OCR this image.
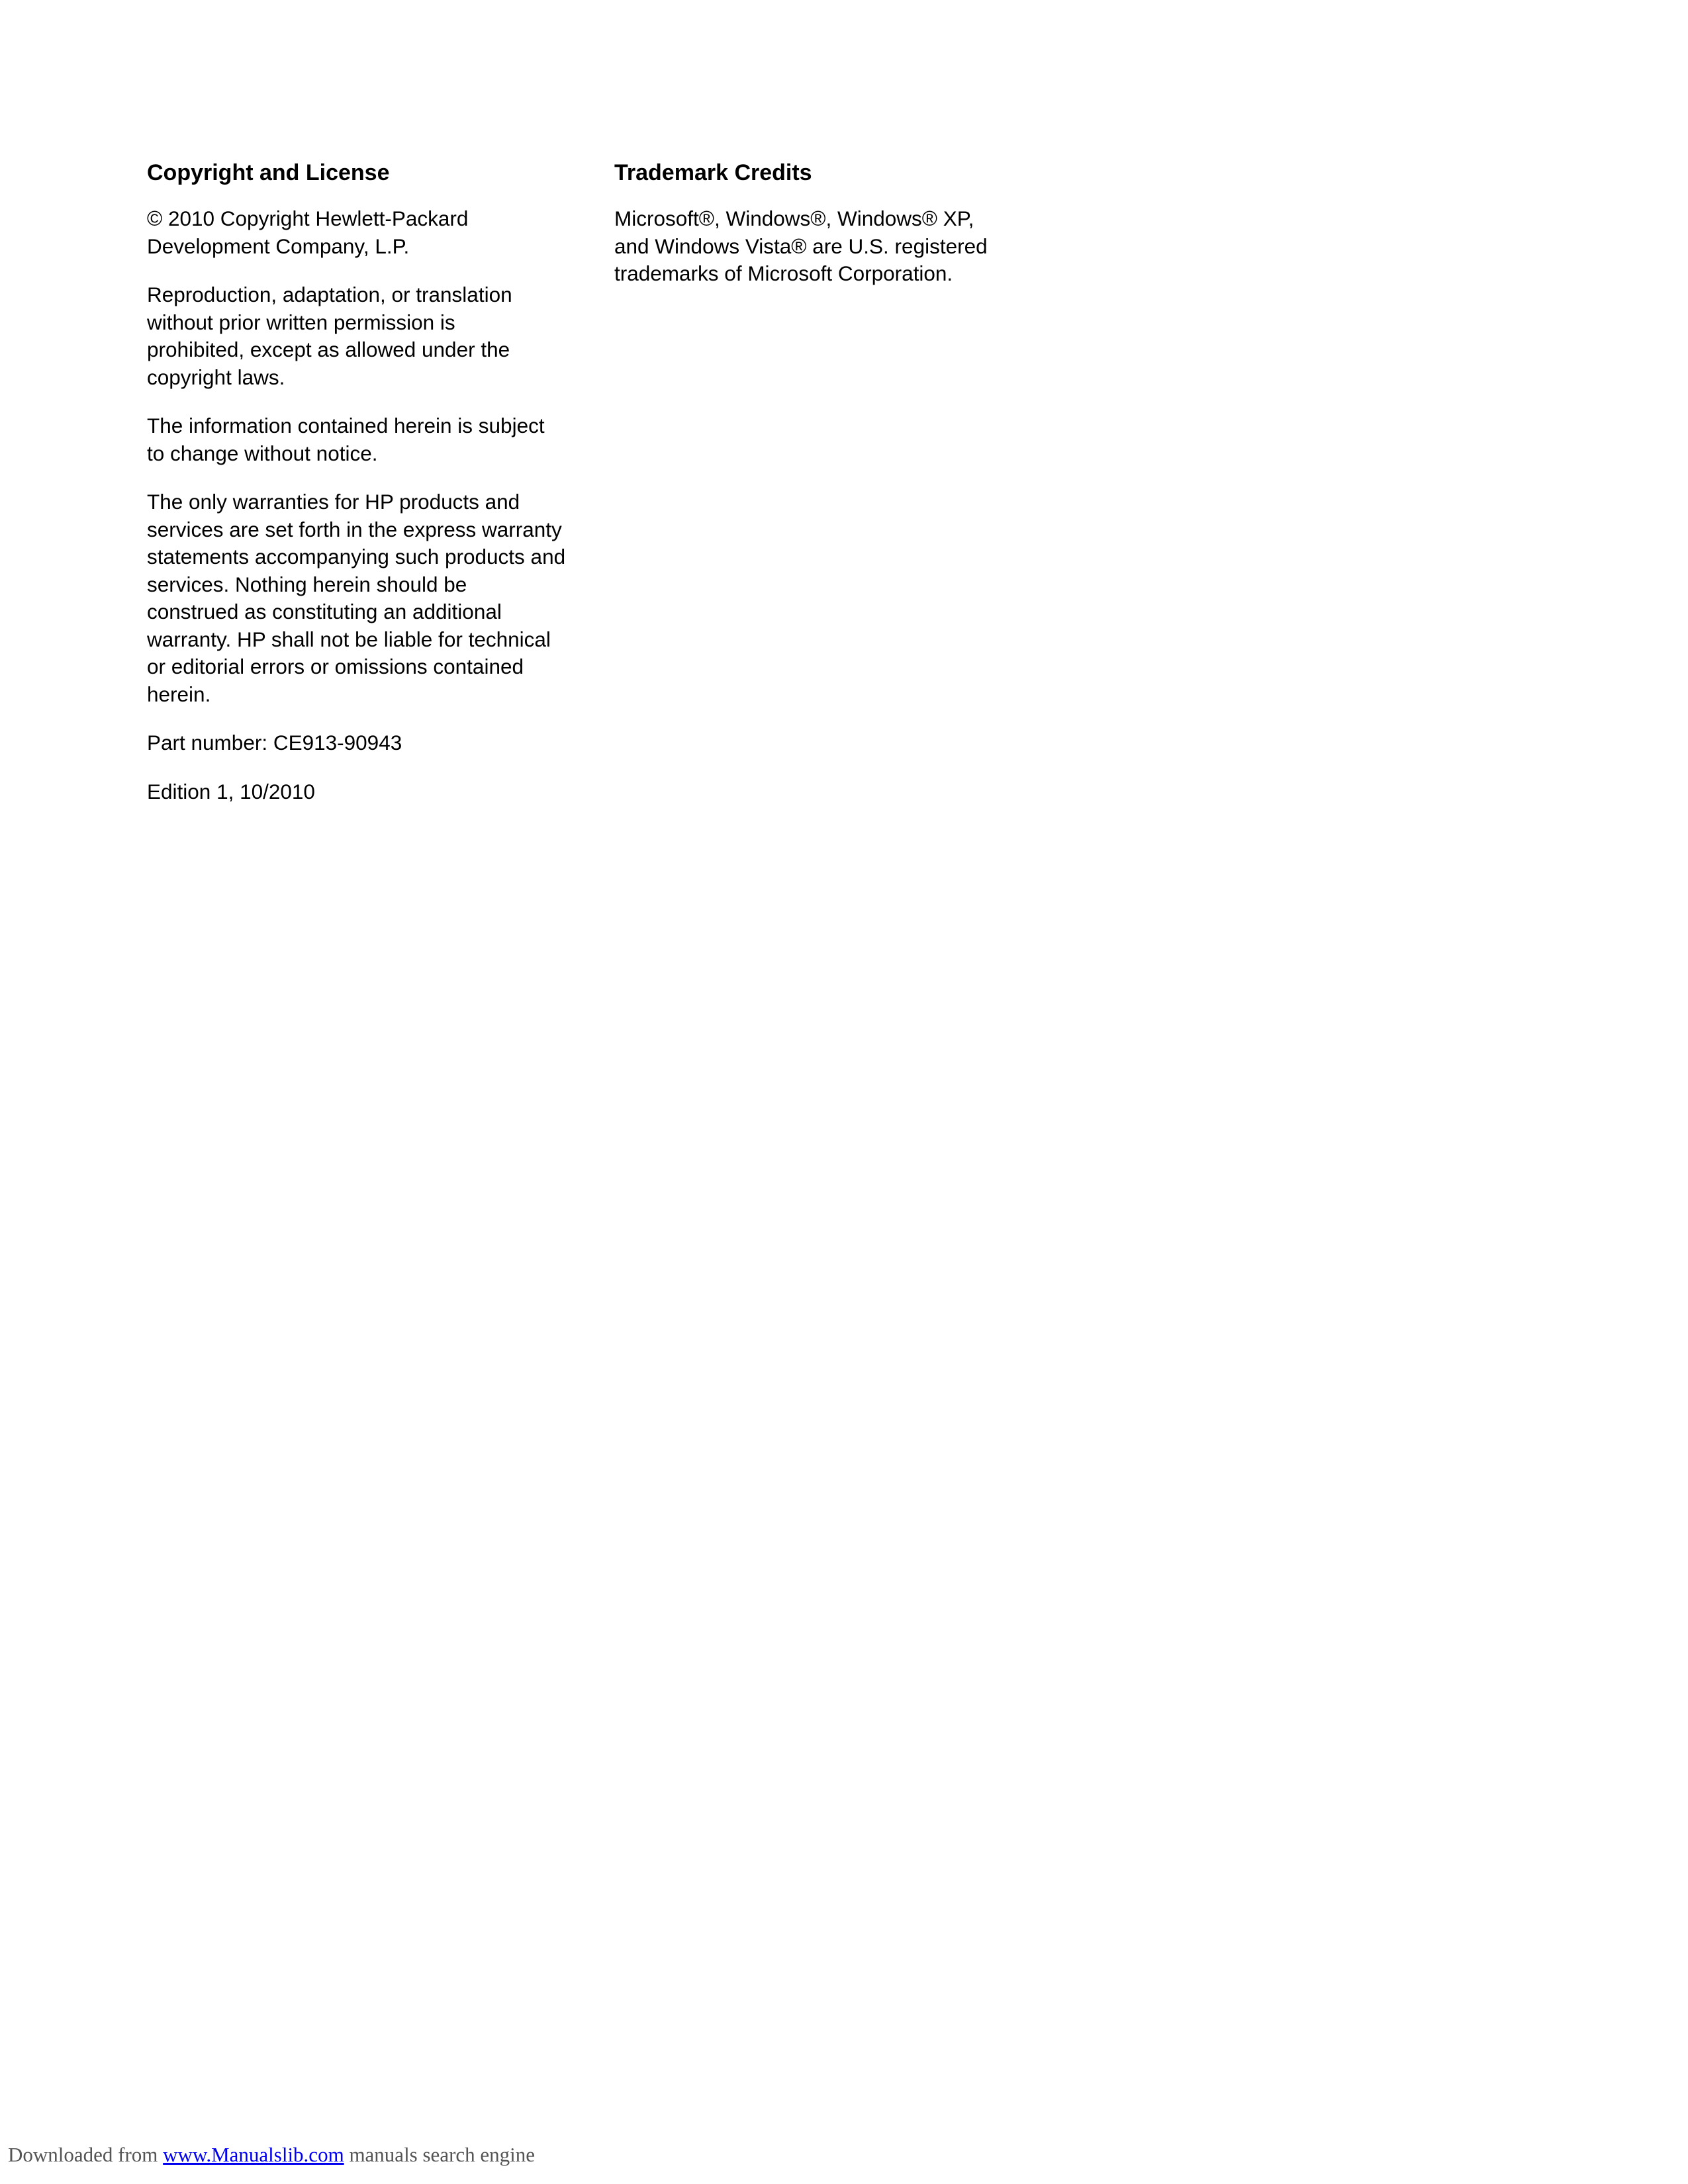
Copyright and License
© 2010 Copyright Hewlett-Packard
Development Company, L.P.
Reproduction, adaptation, or translation
without prior written permission is
prohibited, except as allowed under the
copyright laws.
The information contained herein is subject
to change without notice.
The only warranties for HP products and
services are set forth in the express warranty
statements accompanying such products and
services. Nothing herein should be
construed as constituting an additional
warranty. HP shall not be liable for technical
or editorial errors or omissions contained
herein.
Part number: CE913-90943
Edition 1, 10/2010
Trademark Credits
Microsoft®, Windows®, Windows® XP,
and Windows Vista® are U.S. registered
trademarks of Microsoft Corporation.
Downloaded from www.Manualslib.com manuals search engine
